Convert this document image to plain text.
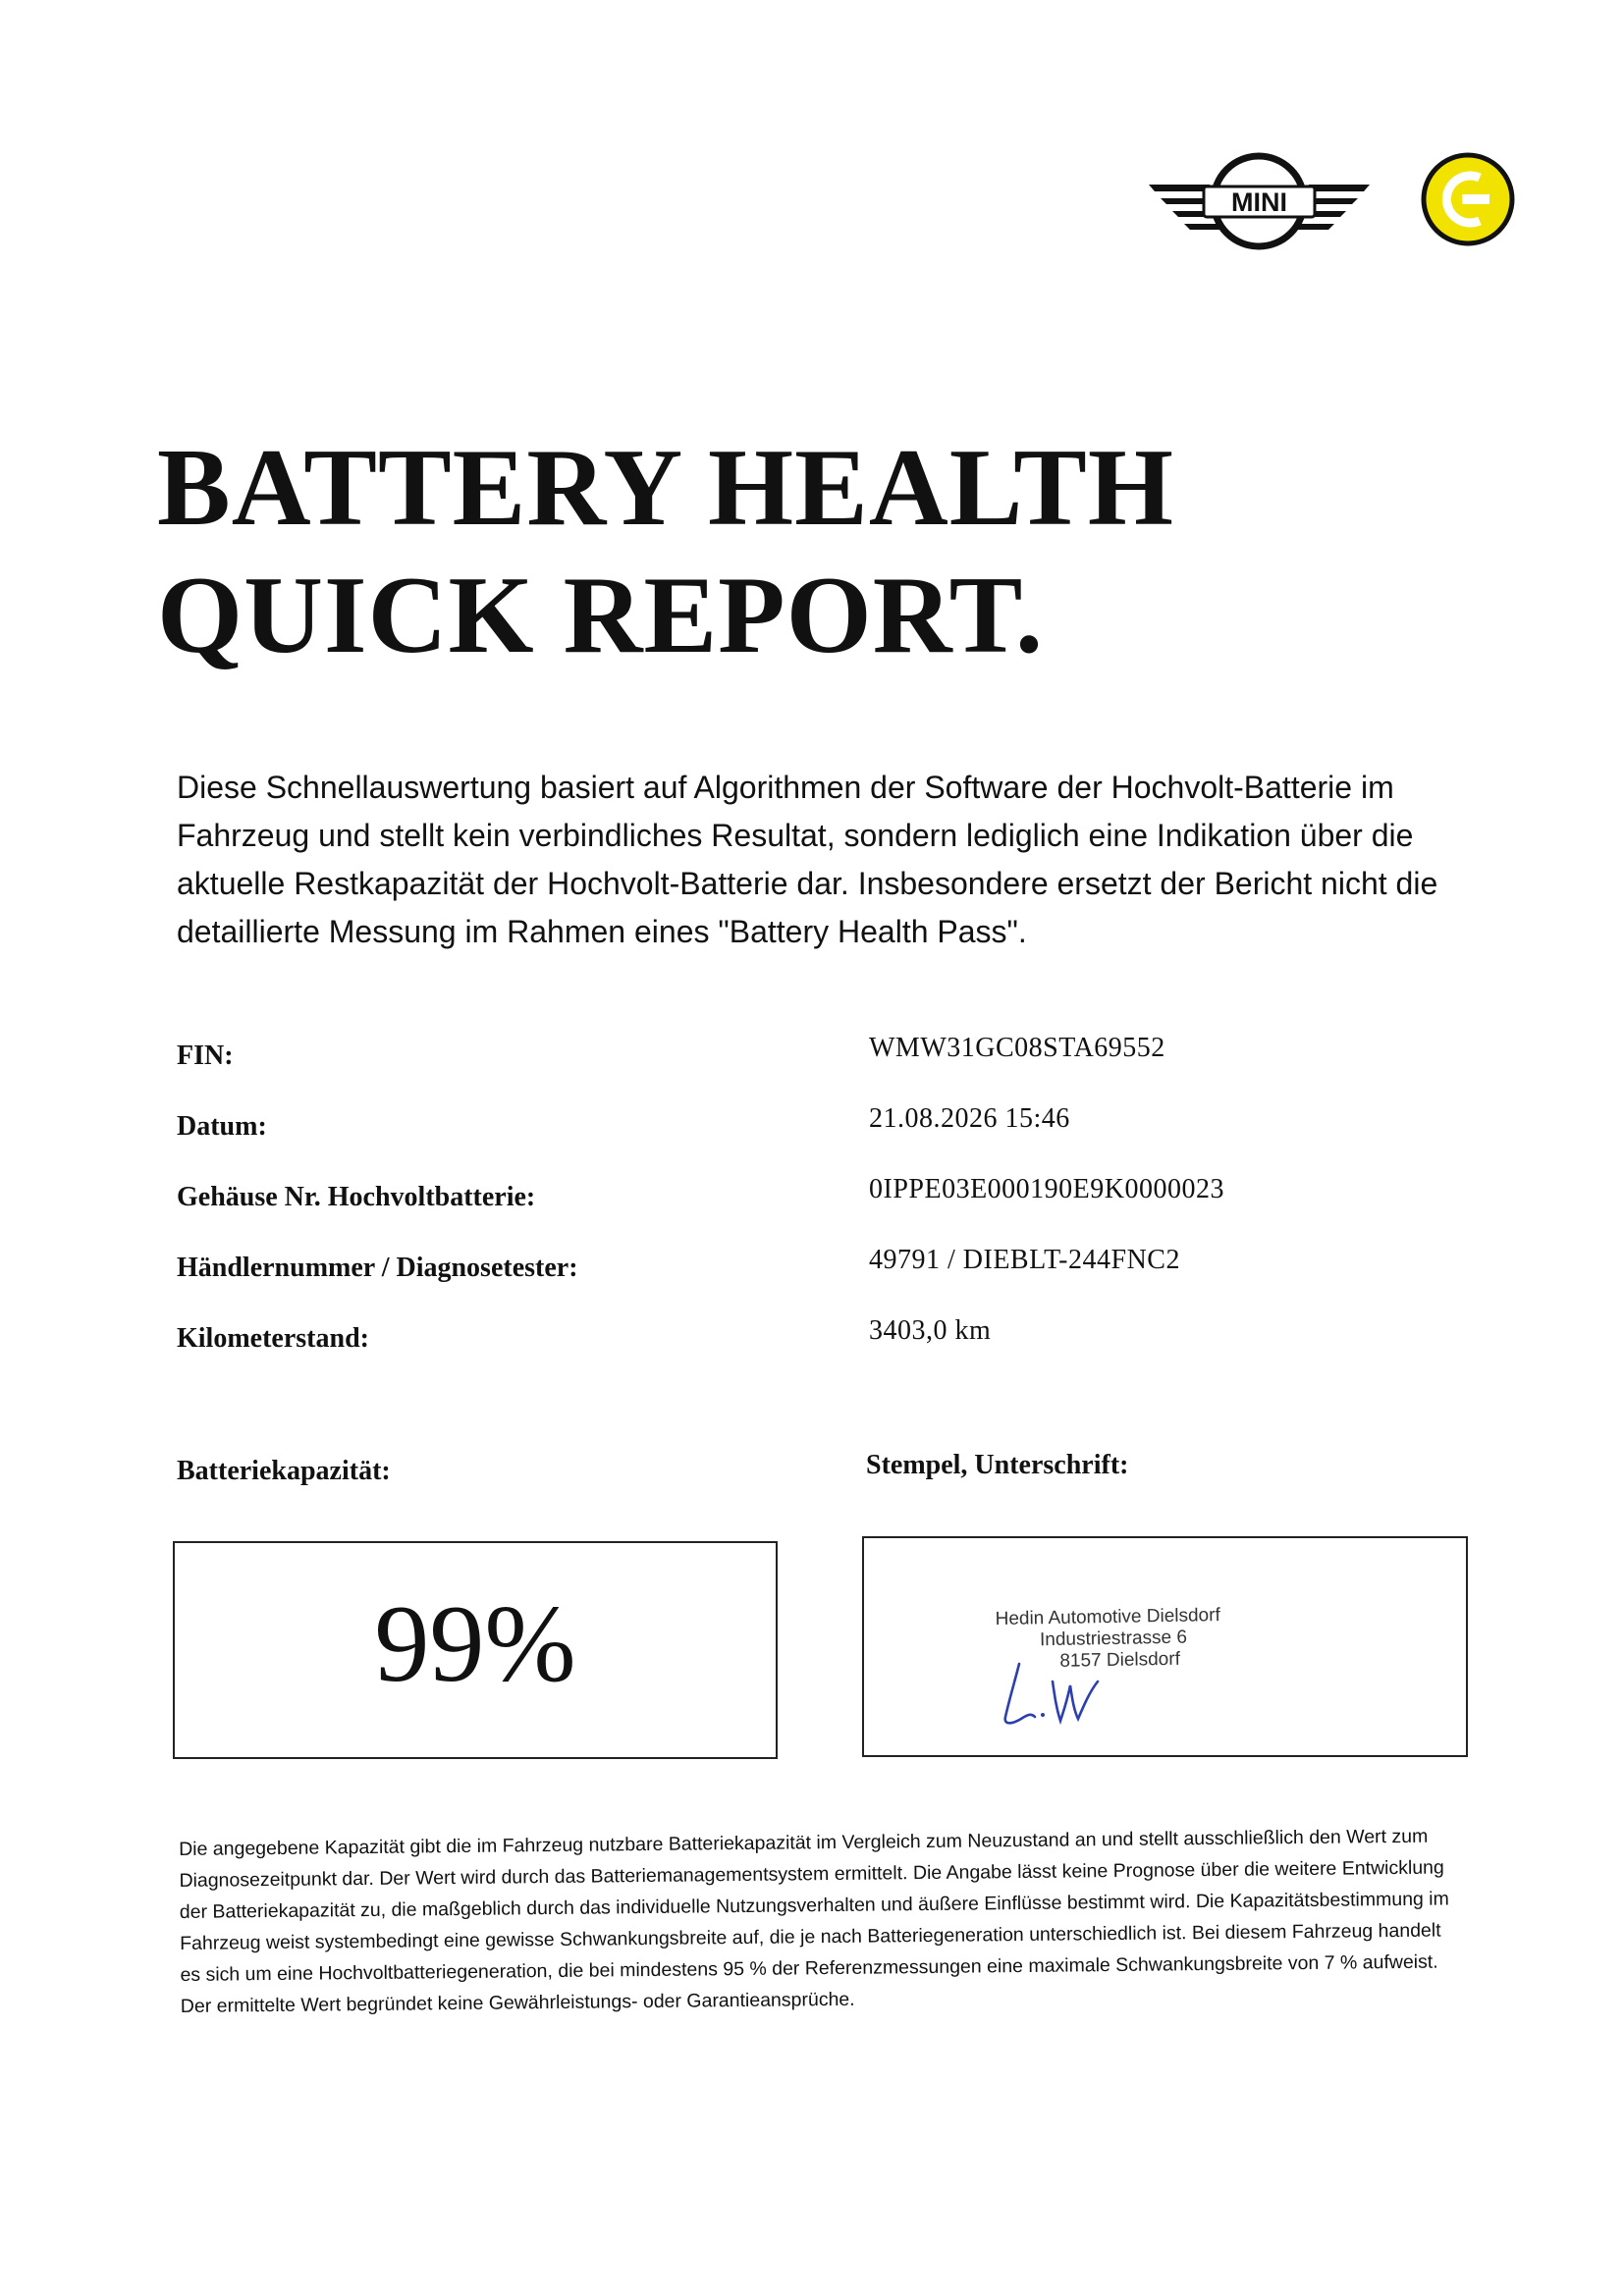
MINI
BATTERY HEALTH
QUICK REPORT.

Diese Schnellauswertung basiert auf Algorithmen der Software der Hochvolt-Batterie im Fahrzeug und stellt kein verbindliches Resultat, sondern lediglich eine Indikation über die aktuelle Restkapazität der Hochvolt-Batterie dar. Insbesondere ersetzt der Bericht nicht die detaillierte Messung im Rahmen eines "Battery Health Pass".

FIN:	WMW31GC08STA69552
Datum:	21.08.2026 15:46
Gehäuse Nr. Hochvoltbatterie:	0IPPE03E000190E9K0000023
Händlernummer / Diagnosetester:	49791 / DIEBLT-244FNC2
Kilometerstand:	3403,0 km
Batteriekapazität:	Stempel, Unterschrift:
99%	Hedin Automotive Dielsdorf
Industriestrasse 6
8157 Dielsdorf

Die angegebene Kapazität gibt die im Fahrzeug nutzbare Batteriekapazität im Vergleich zum Neuzustand an und stellt ausschließlich den Wert zum Diagnosezeitpunkt dar. Der Wert wird durch das Batteriemanagementsystem ermittelt. Die Angabe lässt keine Prognose über die weitere Entwicklung der Batteriekapazität zu, die maßgeblich durch das individuelle Nutzungsverhalten und äußere Einflüsse bestimmt wird. Die Kapazitätsbestimmung im Fahrzeug weist systembedingt eine gewisse Schwankungsbreite auf, die je nach Batteriegeneration unterschiedlich ist. Bei diesem Fahrzeug handelt es sich um eine Hochvoltbatteriegeneration, die bei mindestens 95 % der Referenzmessungen eine maximale Schwankungsbreite von 7 % aufweist. Der ermittelte Wert begründet keine Gewährleistungs- oder Garantieansprüche.
